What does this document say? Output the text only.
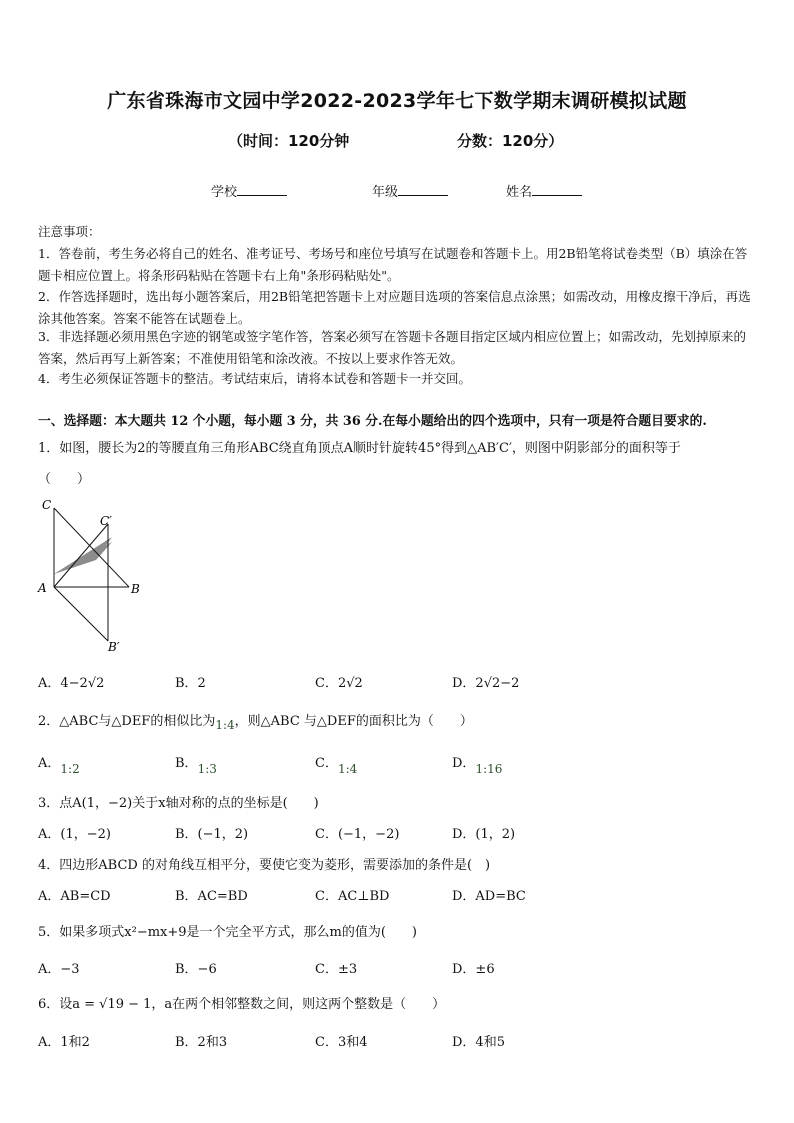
广东省珠海市文园中学2022-2023学年七下数学期末调研模拟试题
（时间：120分钟	分数：120分）
学校	年级	姓名
注意事项：
1．答卷前，考生务必将自己的姓名、准考证号、考场号和座位号填写在试题卷和答题卡上。用2B铅笔将试卷类型（B）填涂在答题卡相应位置上。将条形码粘贴在答题卡右上角"条形码粘贴处"。
2．作答选择题时，选出每小题答案后，用2B铅笔把答题卡上对应题目选项的答案信息点涂黑；如需改动，用橡皮擦干净后，再选涂其他答案。答案不能答在试题卷上。
3．非选择题必须用黑色字迹的钢笔或签字笔作答，答案必须写在答题卡各题目指定区域内相应位置上；如需改动，先划掉原来的答案，然后再写上新答案；不准使用铅笔和涂改液。不按以上要求作答无效。
4．考生必须保证答题卡的整洁。考试结束后，请将本试卷和答题卡一并交回。
一、选择题：本大题共 12 个小题，每小题 3 分，共 36 分.在每小题给出的四个选项中，只有一项是符合题目要求的.
1．如图，腰长为2的等腰直角三角形ABC绕直角顶点A顺时针旋转45°得到△AB′C′，则图中阴影部分的面积等于
（　　）
C
C′
A	B
B′
A．4−2√2	B．2	C．2√2	D．2√2−2
2．△ABC与△DEF的相似比为1:4，则△ABC 与△DEF的面积比为（　　）
A．1:2	B．1:3	C．1:4	D．1:16
3．点A(1，−2)关于x轴对称的点的坐标是(　　)
A．(1，−2)	B．(−1，2)	C．(−1，−2)	D．(1，2)
4．四边形ABCD 的对角线互相平分，要使它变为菱形，需要添加的条件是(　)
A．AB=CD	B．AC=BD	C．AC⊥BD	D．AD=BC
5．如果多项式x²−mx+9是一个完全平方式，那么m的值为(　　)
A．−3	B．−6	C．±3	D．±6
6．设a = √19 − 1，a在两个相邻整数之间，则这两个整数是（　　）
A．1和2	B．2和3	C．3和4	D．4和5
